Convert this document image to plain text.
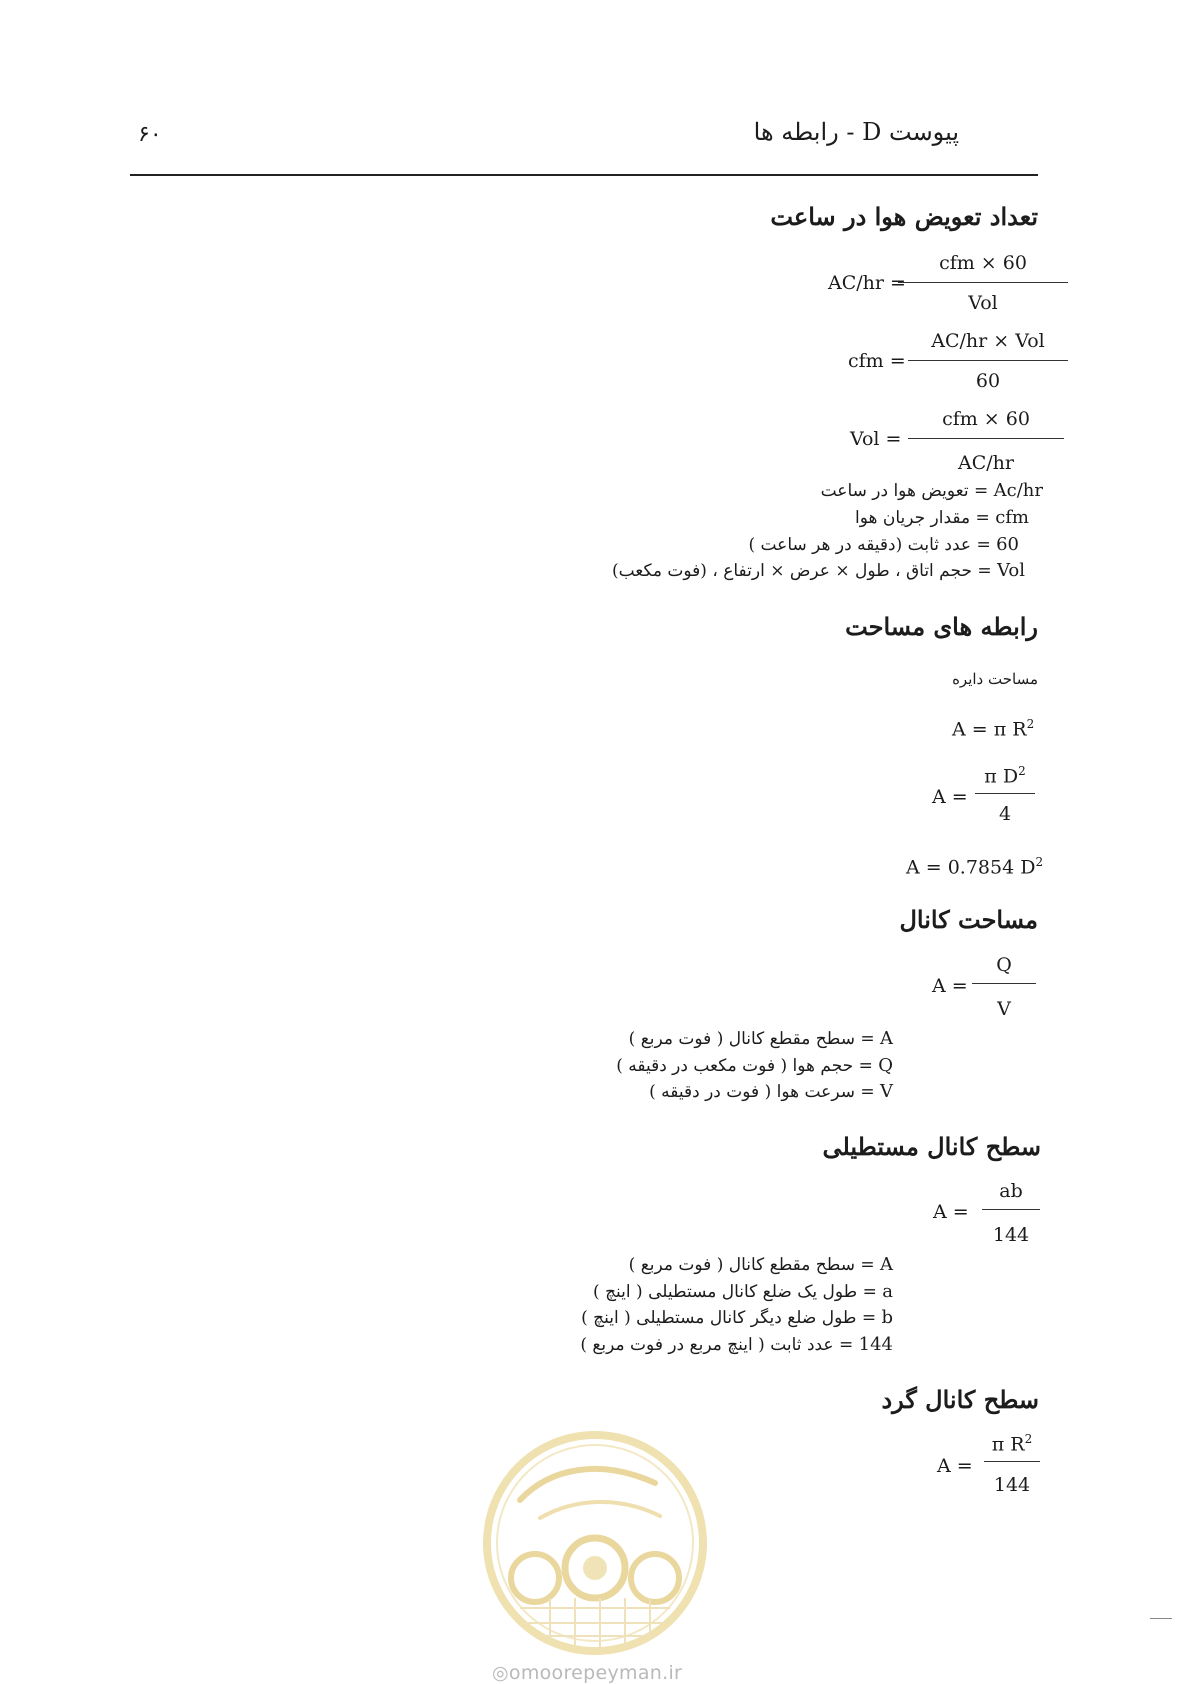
پیوست D - رابطه ها
۶۰
تعداد تعویض هوا در ساعت
AC/hr =
cfm × 60
Vol
cfm =
AC/hr × Vol
60
Vol =
cfm × 60
AC/hr
Ac/hr = تعویض هوا در ساعت
cfm = مقدار جریان هوا
60 = عدد ثابت (دقیقه در هر ساعت )
Vol = حجم اتاق ، طول × عرض × ارتفاع ، (فوت مکعب)
رابطه های مساحت
مساحت دایره
A = π $R^2$
A =
π $D^2$
4
A = 0.7854 $D^2$
مساحت کانال
A =
Q
V
A = سطح مقطع کانال ( فوت مربع )
Q = حجم هوا ( فوت مکعب در دقیقه )
V = سرعت هوا ( فوت در دقیقه )
سطح کانال مستطیلی
A =
ab
144
A = سطح مقطع کانال ( فوت مربع )
a = طول یک ضلع کانال مستطیلی ( اینچ )
b = طول ضلع دیگر کانال مستطیلی ( اینچ )
144 = عدد ثابت ( اینچ مربع در فوت مربع )
سطح کانال گرد
A =
π $R^2$
144
◎omoorepeyman.ir
